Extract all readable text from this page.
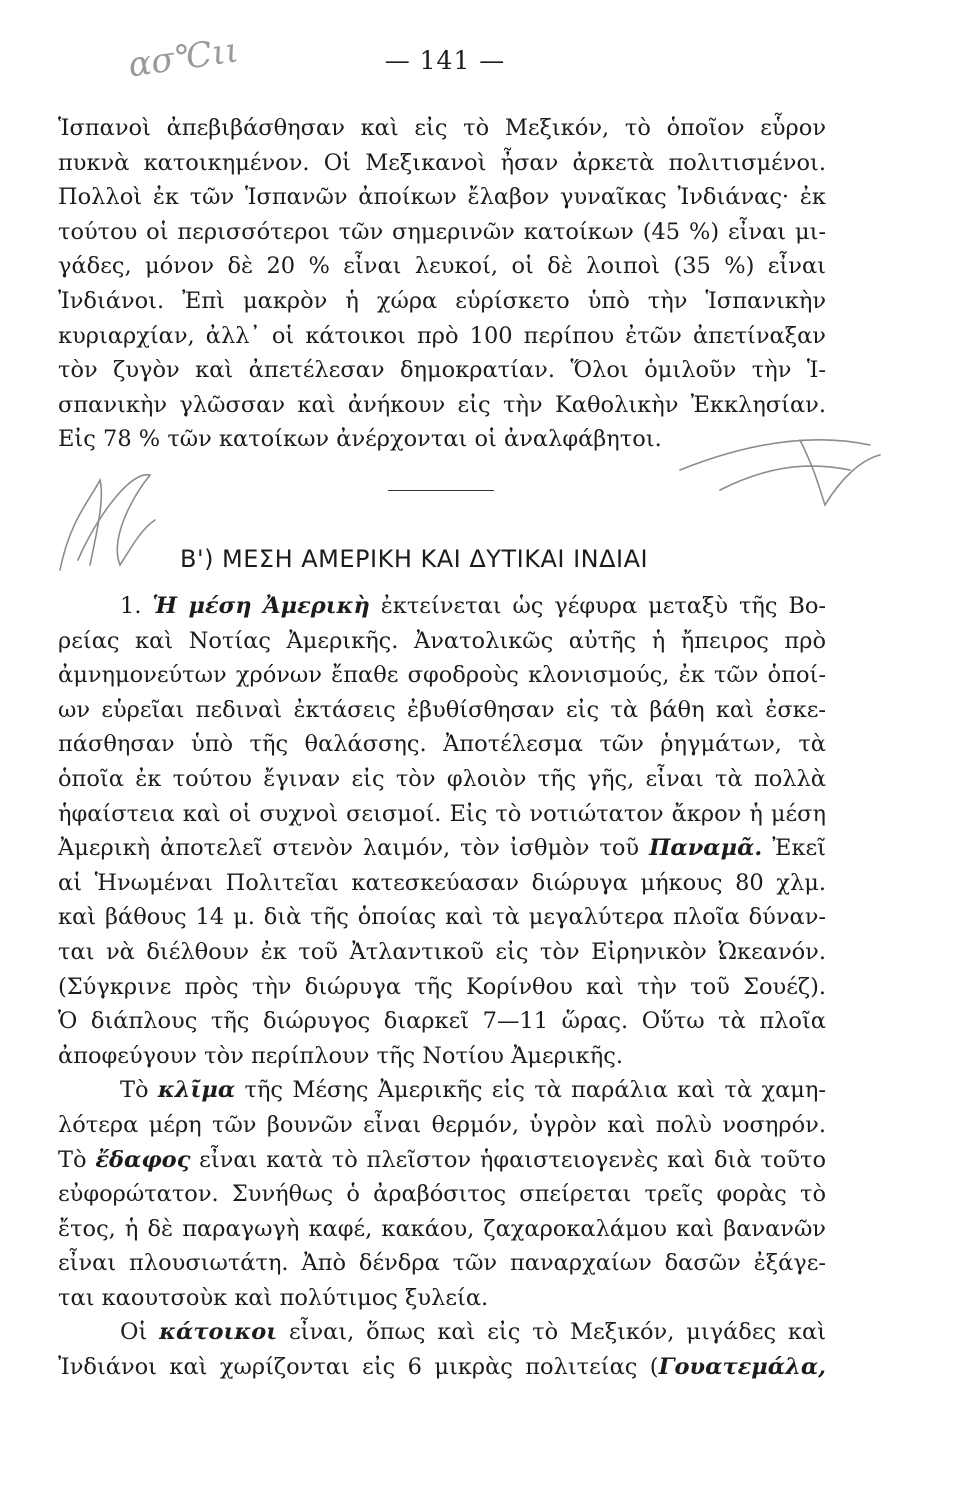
ασ℃ιι	— 141 —
Ἱσπανοὶ ἀπεβιβάσθησαν καὶ εἰς τὸ Μεξικόν, τὸ ὁποῖον εὗρον
πυκνὰ κατοικημένον. Οἱ Μεξικανοὶ ἦσαν ἀρκετὰ πολιτισμένοι.
Πολλοὶ ἐκ τῶν Ἱσπανῶν ἀποίκων ἔλαβον γυναῖκας Ἰνδιάνας· ἐκ
τούτου οἱ περισσότεροι τῶν σημερινῶν κατοίκων (45 %) εἶναι μι-
γάδες, μόνον δὲ 20 % εἶναι λευκοί, οἱ δὲ λοιποὶ (35 %) εἶναι
Ἰνδιάνοι. Ἐπὶ μακρὸν ἡ χώρα εὑρίσκετο ὑπὸ τὴν Ἱσπανικὴν
κυριαρχίαν, ἀλλ᾿ οἱ κάτοικοι πρὸ 100 περίπου ἐτῶν ἀπετίναξαν
τὸν ζυγὸν καὶ ἀπετέλεσαν δημοκρατίαν. Ὅλοι ὁμιλοῦν τὴν Ἱ-
σπανικὴν γλῶσσαν καὶ ἀνήκουν εἰς τὴν Καθολικὴν Ἐκκλησίαν.
Εἰς 78 % τῶν κατοίκων ἀνέρχονται οἱ ἀναλφάβητοι.
Β') ΜΕΣΗ ΑΜΕΡΙΚΗ ΚΑΙ ΔΥΤΙΚΑΙ ΙΝΔΙΑΙ
1. Ἡ μέση Ἀμερικὴ ἐκτείνεται ὡς γέφυρα μεταξὺ τῆς Βο-
ρείας καὶ Νοτίας Ἀμερικῆς. Ἀνατολικῶς αὐτῆς ἡ ἤπειρος πρὸ
ἀμνημονεύτων χρόνων ἔπαθε σφοδροὺς κλονισμούς, ἐκ τῶν ὁποί-
ων εὑρεῖαι πεδιναὶ ἐκτάσεις ἐβυθίσθησαν εἰς τὰ βάθη καὶ ἐσκε-
πάσθησαν ὑπὸ τῆς θαλάσσης. Ἀποτέλεσμα τῶν ῥηγμάτων, τὰ
ὁποῖα ἐκ τούτου ἔγιναν εἰς τὸν φλοιὸν τῆς γῆς, εἶναι τὰ πολλὰ
ἡφαίστεια καὶ οἱ συχνοὶ σεισμοί. Εἰς τὸ νοτιώτατον ἄκρον ἡ μέση
Ἀμερικὴ ἀποτελεῖ στενὸν λαιμόν, τὸν ἰσθμὸν τοῦ Παναμᾶ. Ἐκεῖ
αἱ Ἡνωμέναι Πολιτεῖαι κατεσκεύασαν διώρυγα μήκους 80 χλμ.
καὶ βάθους 14 μ. διὰ τῆς ὁποίας καὶ τὰ μεγαλύτερα πλοῖα δύναν-
ται νὰ διέλθουν ἐκ τοῦ Ἀτλαντικοῦ εἰς τὸν Εἰρηνικὸν Ὠκεανόν.
(Σύγκρινε πρὸς τὴν διώρυγα τῆς Κορίνθου καὶ τὴν τοῦ Σουέζ).
Ὁ διάπλους τῆς διώρυγος διαρκεῖ 7—11 ὥρας. Οὕτω τὰ πλοῖα
ἀποφεύγουν τὸν περίπλουν τῆς Νοτίου Ἀμερικῆς.
Τὸ κλῖμα τῆς Μέσης Ἀμερικῆς εἰς τὰ παράλια καὶ τὰ χαμη-
λότερα μέρη τῶν βουνῶν εἶναι θερμόν, ὑγρὸν καὶ πολὺ νοσηρόν.
Τὸ ἔδαφος εἶναι κατὰ τὸ πλεῖστον ἡφαιστειογενὲς καὶ διὰ τοῦτο
εὐφορώτατον. Συνήθως ὁ ἀραβόσιτος σπείρεται τρεῖς φορὰς τὸ
ἔτος, ἡ δὲ παραγωγὴ καφέ, κακάου, ζαχαροκαλάμου καὶ βανανῶν
εἶναι πλουσιωτάτη. Ἀπὸ δένδρα τῶν παναρχαίων δασῶν ἐξάγε-
ται καουτσοὺκ καὶ πολύτιμος ξυλεία.
Οἱ κάτοικοι εἶναι, ὅπως καὶ εἰς τὸ Μεξικόν, μιγάδες καὶ
Ἰνδιάνοι καὶ χωρίζονται εἰς 6 μικρὰς πολιτείας (Γουατεμάλα,
